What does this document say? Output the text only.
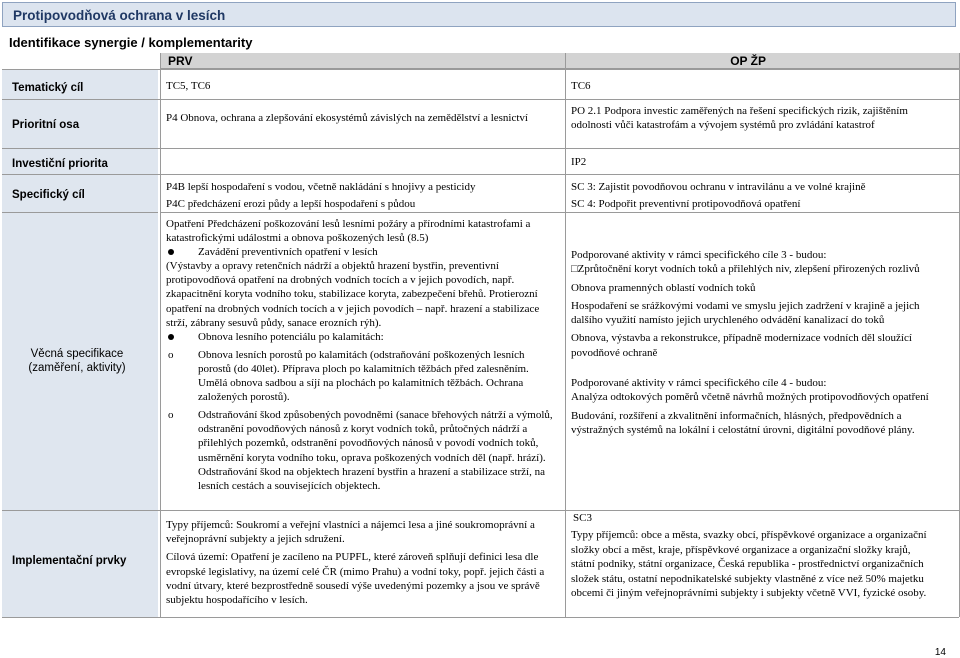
Protipovodňová ochrana v lesích
Identifikace synergie / komplementarity
PRV	OP ŽP
Tematický cíl
Prioritní osa
Investiční priorita
Specifický cíl
Věcná specifikace (zaměření, aktivity)
Implementační prvky
TC5, TC6	TC6
P4 Obnova, ochrana a zlepšování ekosystémů závislých na zemědělství a lesnictví
PO 2.1 Podpora investic zaměřených na řešení specifických rizik, zajištěním odolnosti vůči katastrofám a vývojem systémů pro zvládání katastrof
IP2

P4B lepší hospodaření s vodou, včetně nakládání s hnojivy a pesticidy

P4C předcházení erozi půdy a lepší hospodaření s půdou

SC 3: Zajistit povodňovou ochranu v intravilánu a ve volné krajině

SC 4: Podpořit preventivní protipovodňová opatření

Opatření Předcházení poškozování lesů lesními požáry a přírodními katastrofami a katastrofickými událostmi a obnova poškozených lesů (8.5)

Zavádění preventivních opatření v lesích

(Výstavby a opravy retenčních nádrží a objektů hrazení bystřin, preventivní protipovodňová opatření na drobných vodních tocích a v jejich povodích, např. zkapacitnění koryta vodního toku, stabilizace koryta, zabezpečení břehů. Protierozní opatření na drobných vodních tocích a v jejich povodích – např. hrazení a stabilizace strží, zábrany sesuvů půdy, sanace erozních rýh).

Obnova lesního potenciálu po kalamitách:
o Obnova lesních porostů po kalamitách (odstraňování poškozených lesních porostů (do 40let). Příprava ploch po kalamitních těžbách před zalesněním. Umělá obnova sadbou a síjí na plochách po kalamitních těžbách. Ochrana založených porostů).
o Odstraňování škod způsobených povodněmi (sanace břehových nátrží a výmolů, odstranění povodňových nánosů z koryt vodních toků, průtočných nádrží a přilehlých pozemků, odstranění povodňových nánosů v povodí vodních toků, usměrnění koryta vodního toku, oprava poškozených vodních děl (např. hrází). Odstraňování škod na objektech hrazení bystřin a hrazení a stabilizace strží, na lesních cestách a souvisejících objektech.

Podporované aktivity v rámci specifického cíle 3 - budou:

□Zprůtočnění koryt vodních toků a přilehlých niv, zlepšení přirozených rozlivů

Obnova pramenných oblastí vodních toků

Hospodaření se srážkovými vodami ve smyslu jejich zadržení v krajině a jejich dalšího využití namísto jejich urychleného odvádění kanalizací do toků

Obnova, výstavba a rekonstrukce, případně modernizace vodních děl sloužící povodňové ochraně

Podporované aktivity v rámci specifického cíle 4 - budou:

Analýza odtokových poměrů včetně návrhů možných protipovodňových opatření

Budování, rozšíření a zkvalitnění informačních, hlásných, předpovědních a výstražných systémů na lokální i celostátní úrovni, digitální povodňové plány.

Typy příjemců: Soukromí a veřejní vlastníci a nájemci lesa a jiné soukromoprávní a veřejnoprávní subjekty a jejich sdružení.

Cílová území: Opatření je zacíleno na PUPFL, které zároveň splňují definici lesa dle evropské legislativy, na území celé ČR (mimo Prahu) a vodní toky, popř. jejich části a vodní útvary, které bezprostředně sousedí výše uvedenými pozemky a jsou ve správě subjektu hospodařícího v lesích.

SC3

Typy příjemců: obce a města, svazky obcí, příspěvkové organizace a organizační složky obcí a měst, kraje, příspěvkové organizace a organizační složky krajů, státní podniky, státní organizace, Česká republika - prostřednictví organizačních složek státu, ostatní nepodnikatelské subjekty vlastněné z více než 50% majetku obcemi či jiným veřejnoprávními subjekty i subjekty včetně VVI, fyzické osoby.

14
